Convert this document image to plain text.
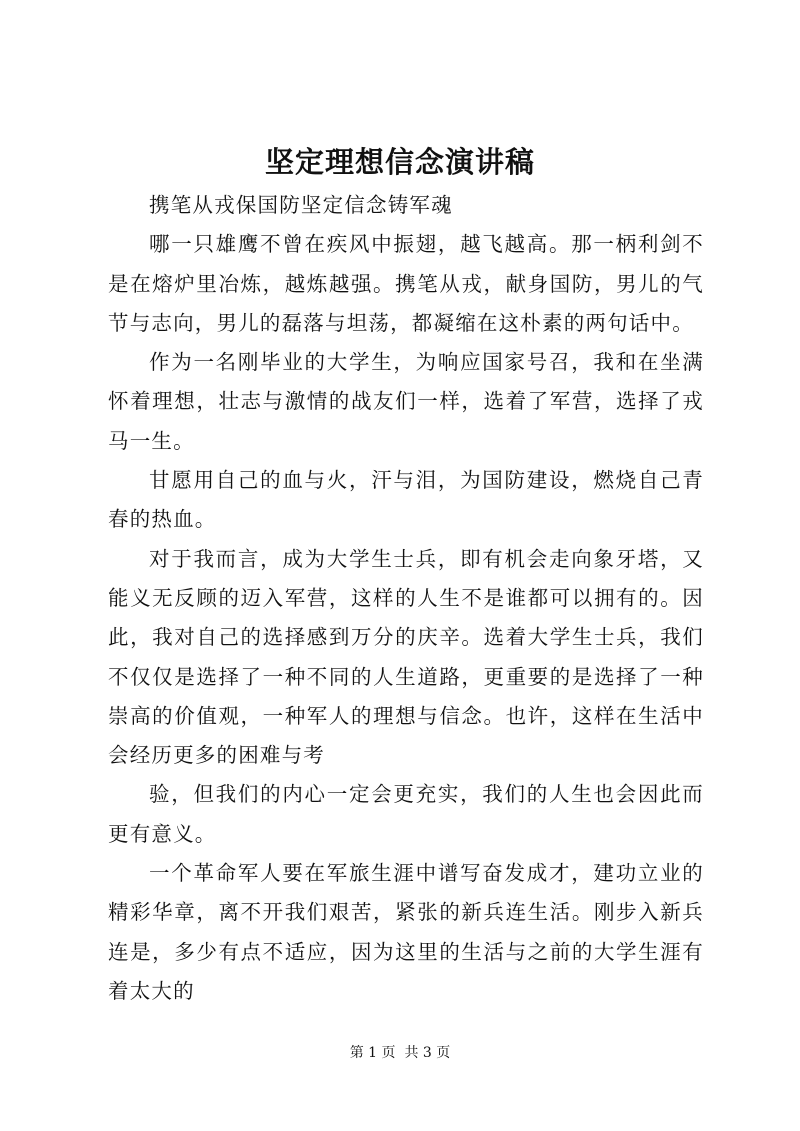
坚定理想信念演讲稿

携笔从戎保国防坚定信念铸军魂

哪一只雄鹰不曾在疾风中振翅，越飞越高。那一柄利剑不是在熔炉里冶炼，越炼越强。携笔从戎，献身国防，男儿的气节与志向，男儿的磊落与坦荡，都凝缩在这朴素的两句话中。

作为一名刚毕业的大学生，为响应国家号召，我和在坐满怀着理想，壮志与激情的战友们一样，选着了军营，选择了戎马一生。

甘愿用自己的血与火，汗与泪，为国防建设，燃烧自己青春的热血。

对于我而言，成为大学生士兵，即有机会走向象牙塔，又能义无反顾的迈入军营，这样的人生不是谁都可以拥有的。因此，我对自己的选择感到万分的庆辛。选着大学生士兵，我们不仅仅是选择了一种不同的人生道路，更重要的是选择了一种崇高的价值观，一种军人的理想与信念。也许，这样在生活中会经历更多的困难与考

验，但我们的内心一定会更充实，我们的人生也会因此而更有意义。

一个革命军人要在军旅生涯中谱写奋发成才，建功立业的精彩华章，离不开我们艰苦，紧张的新兵连生活。刚步入新兵连是，多少有点不适应，因为这里的生活与之前的大学生涯有着太大的

第 1 页  共 3 页
